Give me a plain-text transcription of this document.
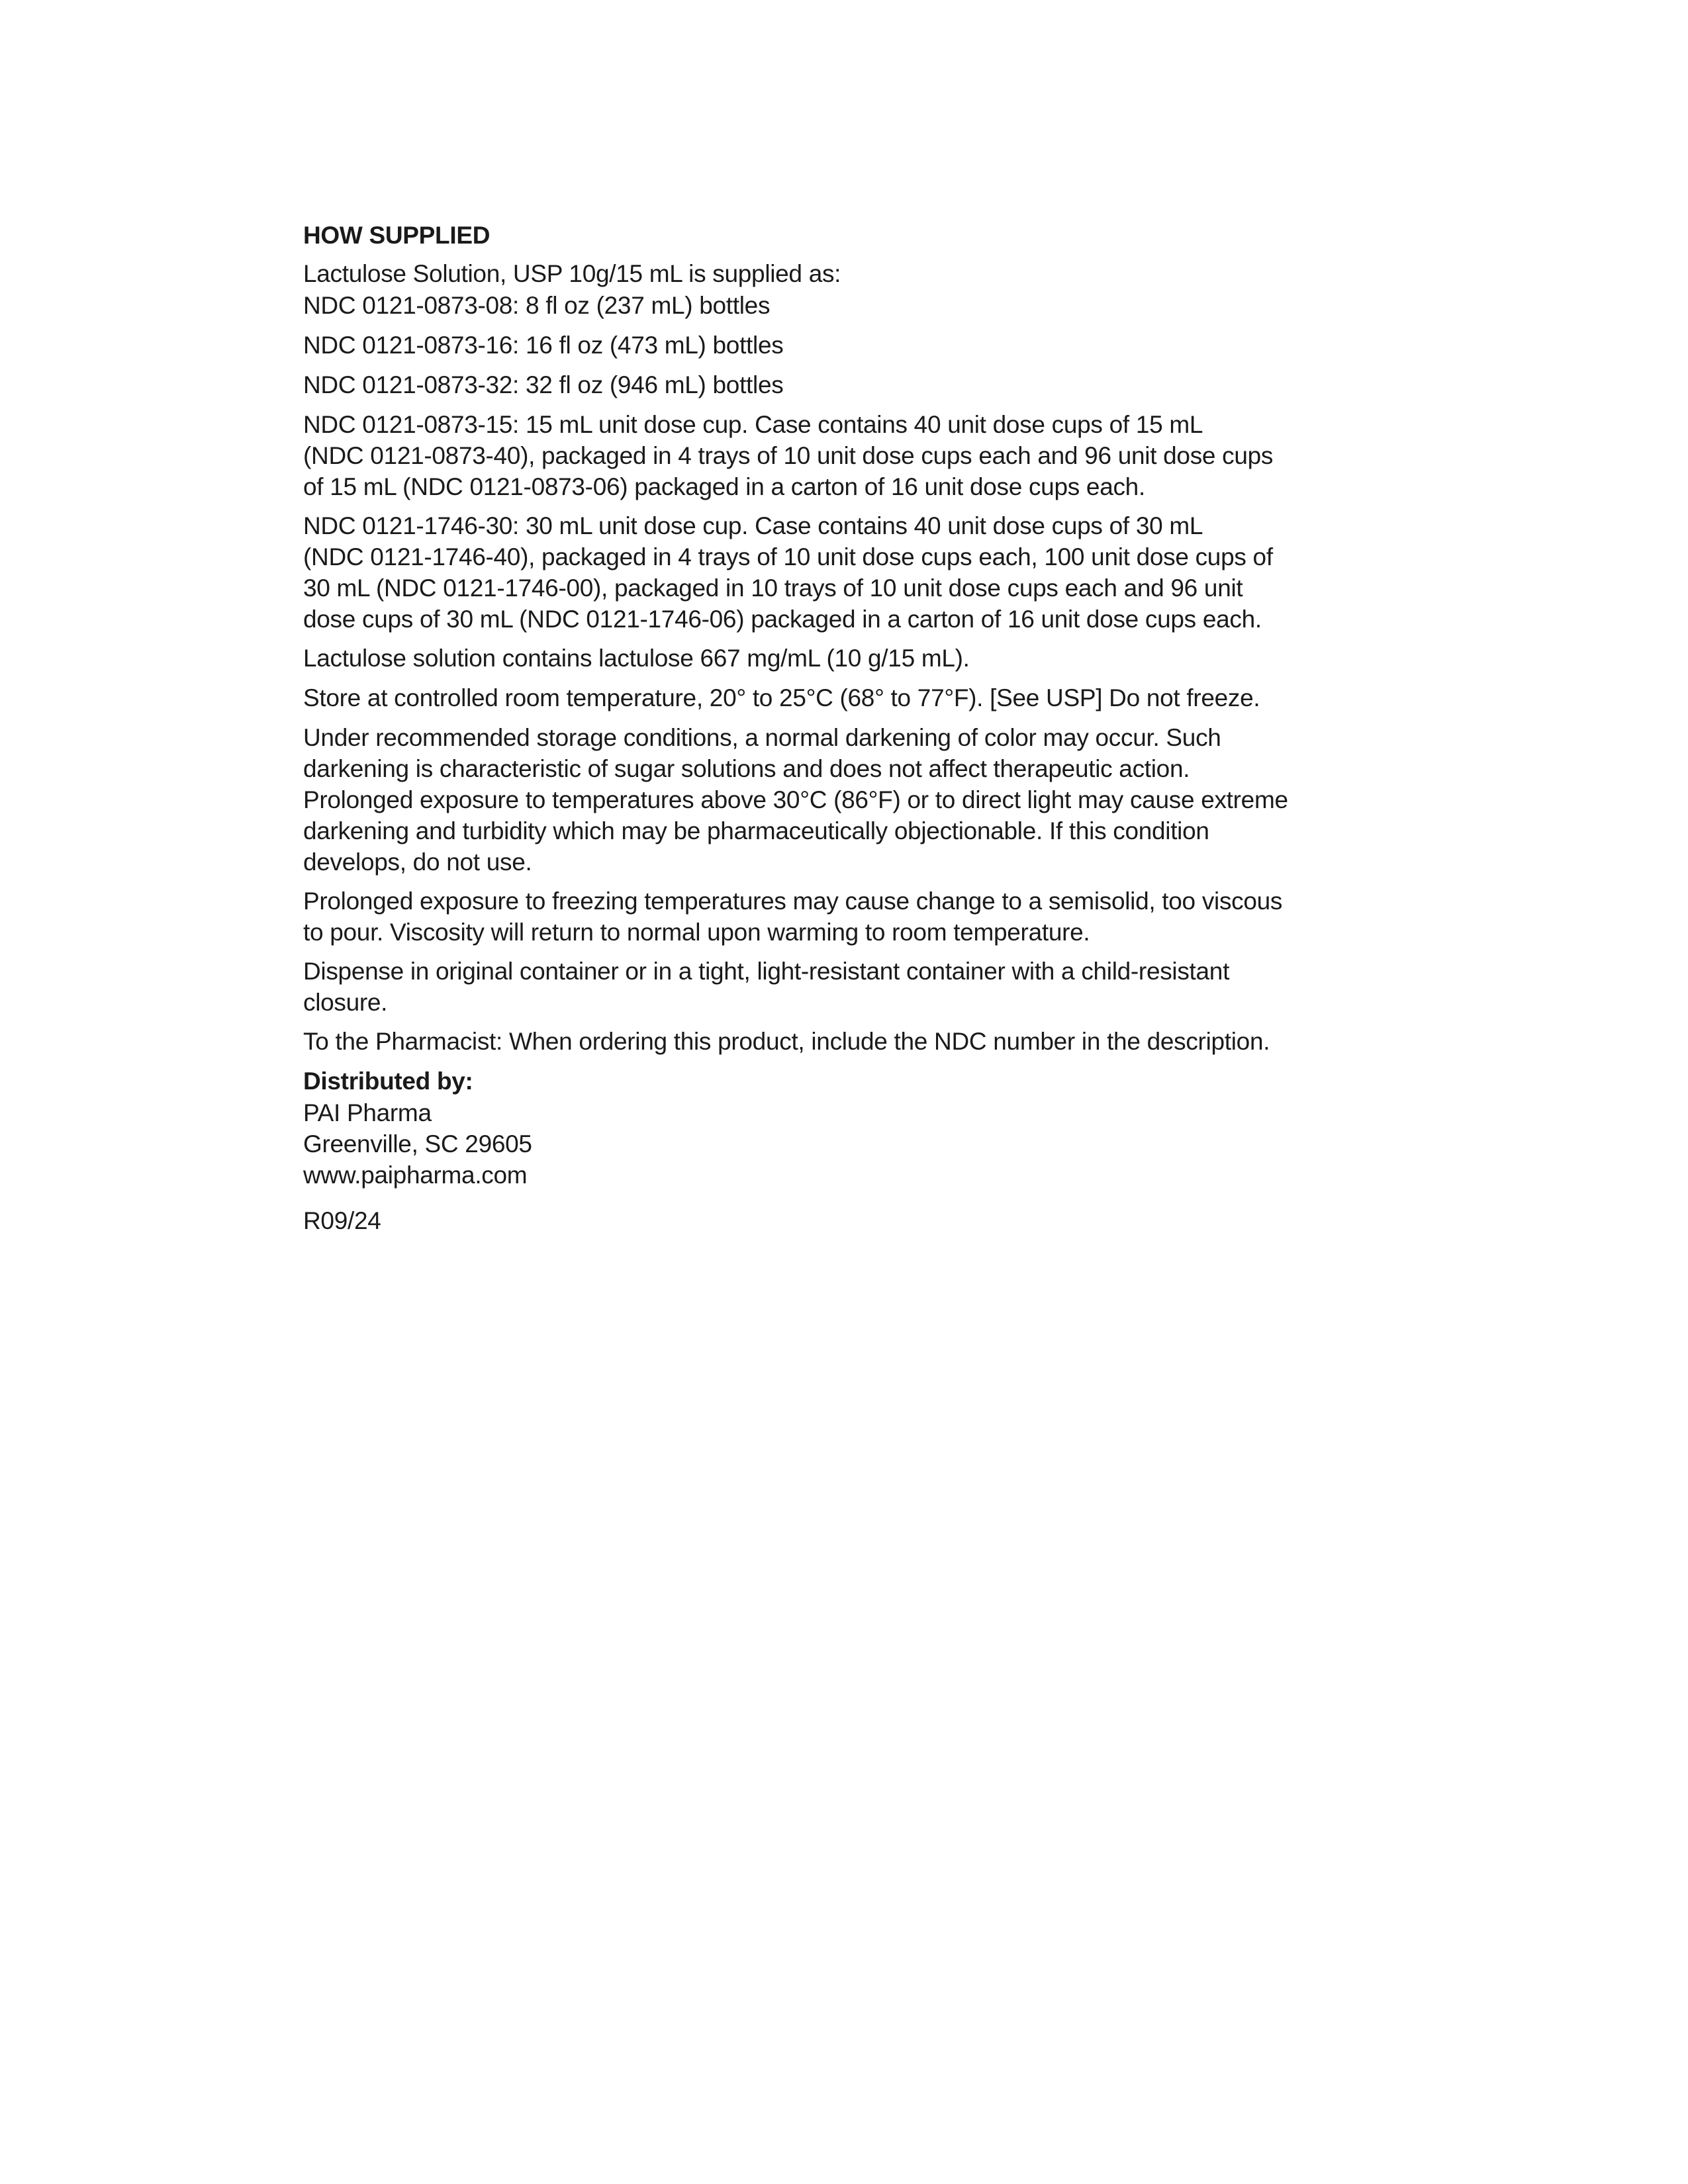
HOW SUPPLIED
Lactulose Solution, USP 10g/15 mL is supplied as:
NDC 0121-0873-08: 8 fl oz (237 mL) bottles
NDC 0121-0873-16: 16 fl oz (473 mL) bottles
NDC 0121-0873-32: 32 fl oz (946 mL) bottles
NDC 0121-0873-15: 15 mL unit dose cup. Case contains 40 unit dose cups of 15 mL
(NDC 0121-0873-40), packaged in 4 trays of 10 unit dose cups each and 96 unit dose cups
of 15 mL (NDC 0121-0873-06) packaged in a carton of 16 unit dose cups each.
NDC 0121-1746-30: 30 mL unit dose cup. Case contains 40 unit dose cups of 30 mL
(NDC 0121-1746-40), packaged in 4 trays of 10 unit dose cups each, 100 unit dose cups of
30 mL (NDC 0121-1746-00), packaged in 10 trays of 10 unit dose cups each and 96 unit
dose cups of 30 mL (NDC 0121-1746-06) packaged in a carton of 16 unit dose cups each.
Lactulose solution contains lactulose 667 mg/mL (10 g/15 mL).
Store at controlled room temperature, 20° to 25°C (68° to 77°F). [See USP] Do not freeze.
Under recommended storage conditions, a normal darkening of color may occur. Such
darkening is characteristic of sugar solutions and does not affect therapeutic action.
Prolonged exposure to temperatures above 30°C (86°F) or to direct light may cause extreme
darkening and turbidity which may be pharmaceutically objectionable. If this condition
develops, do not use.
Prolonged exposure to freezing temperatures may cause change to a semisolid, too viscous
to pour. Viscosity will return to normal upon warming to room temperature.
Dispense in original container or in a tight, light-resistant container with a child-resistant
closure.
To the Pharmacist: When ordering this product, include the NDC number in the description.
Distributed by:
PAI Pharma
Greenville, SC 29605
www.paipharma.com
R09/24
